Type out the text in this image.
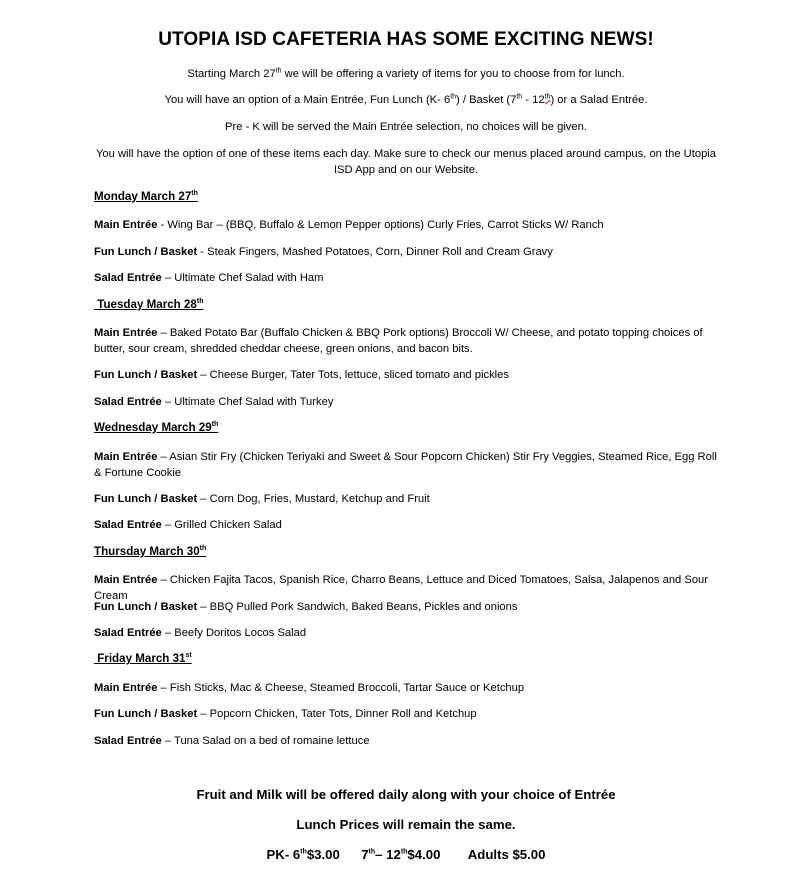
UTOPIA ISD CAFETERIA HAS SOME EXCITING NEWS!
Starting March 27th we will be offering a variety of items for you to choose from for lunch.
You will have an option of a Main Entrée, Fun Lunch (K- 6th) / Basket (7th - 12th) or a Salad Entrée.
Pre - K will be served the Main Entrée selection, no choices will be given.
You will have the option of one of these items each day. Make sure to check our menus placed around campus, on the Utopia ISD App and on our Website.
Monday March 27th
Main Entrée - Wing Bar – (BBQ, Buffalo & Lemon Pepper options) Curly Fries, Carrot Sticks W/ Ranch
Fun Lunch / Basket - Steak Fingers, Mashed Potatoes, Corn, Dinner Roll and Cream Gravy
Salad Entrée – Ultimate Chef Salad with Ham
Tuesday March 28th
Main Entrée – Baked Potato Bar (Buffalo Chicken & BBQ Pork options) Broccoli W/ Cheese, and potato topping choices of butter, sour cream, shredded cheddar cheese, green onions, and bacon bits.
Fun Lunch / Basket – Cheese Burger, Tater Tots, lettuce, sliced tomato and pickles
Salad Entrée – Ultimate Chef Salad with Turkey
Wednesday March 29th
Main Entrée – Asian Stir Fry (Chicken Teriyaki and Sweet & Sour Popcorn Chicken) Stir Fry Veggies, Steamed Rice, Egg Roll & Fortune Cookie
Fun Lunch / Basket – Corn Dog, Fries, Mustard, Ketchup and Fruit
Salad Entrée – Grilled Chicken Salad
Thursday March 30th
Main Entrée – Chicken Fajita Tacos, Spanish Rice, Charro Beans, Lettuce and Diced Tomatoes, Salsa, Jalapenos and Sour Cream
Fun Lunch / Basket – BBQ Pulled Pork Sandwich, Baked Beans, Pickles and onions
Salad Entrée – Beefy Doritos Locos Salad
Friday March 31st
Main Entrée – Fish Sticks, Mac & Cheese, Steamed Broccoli, Tartar Sauce or Ketchup
Fun Lunch / Basket – Popcorn Chicken, Tater Tots, Dinner Roll and Ketchup
Salad Entrée – Tuna Salad on a bed of romaine lettuce
Fruit and Milk will be offered daily along with your choice of Entrée
Lunch Prices will remain the same.
PK- 6th$3.00 7th– 12th$4.00 Adults $5.00
